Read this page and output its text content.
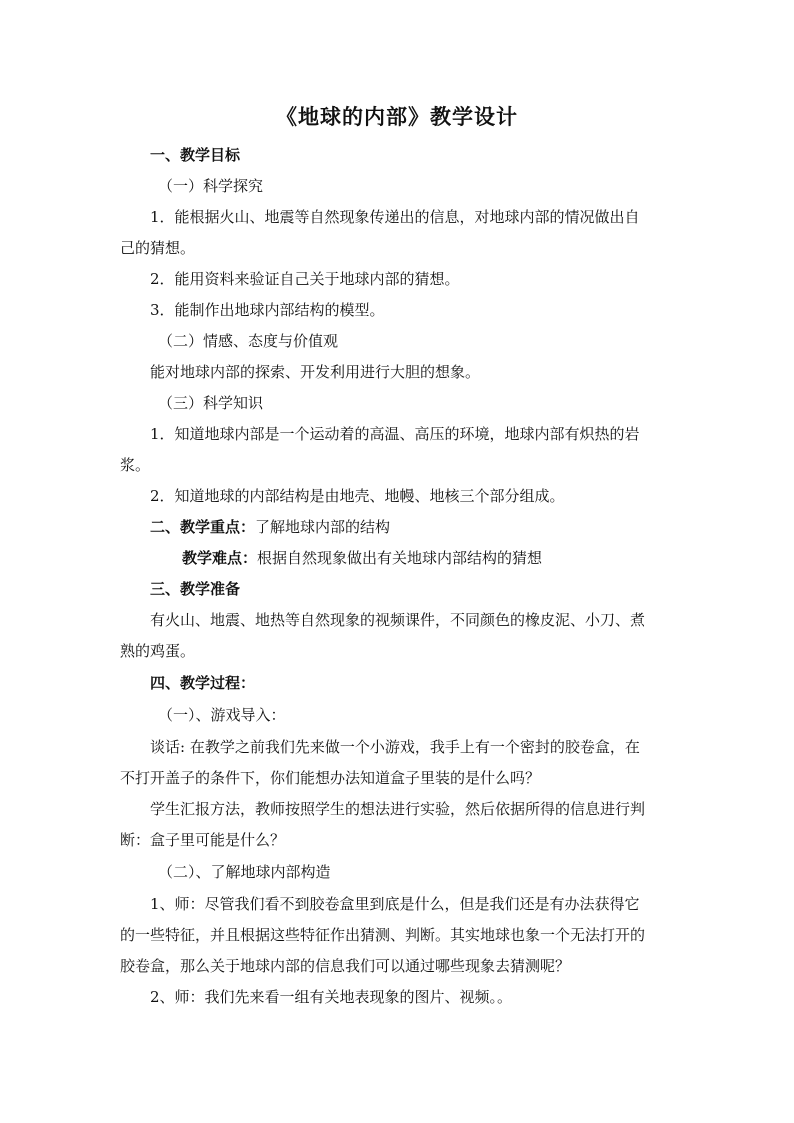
《地球的内部》教学设计
一、教学目标
（一）科学探究
1．能根据火山、地震等自然现象传递出的信息，对地球内部的情况做出自
己的猜想。
2．能用资料来验证自己关于地球内部的猜想。
3．能制作出地球内部结构的模型。
（二）情感、态度与价值观
能对地球内部的探索、开发利用进行大胆的想象。
（三）科学知识
1．知道地球内部是一个运动着的高温、高压的环境，地球内部有炽热的岩
浆。
2．知道地球的内部结构是由地壳、地幔、地核三个部分组成。
二、教学重点：了解地球内部的结构
教学难点：根据自然现象做出有关地球内部结构的猜想
三、教学准备
有火山、地震、地热等自然现象的视频课件，不同颜色的橡皮泥、小刀、煮
熟的鸡蛋。
四、教学过程：
（一）、游戏导入：
谈话: 在教学之前我们先来做一个小游戏，我手上有一个密封的胶卷盒，在
不打开盖子的条件下，你们能想办法知道盒子里装的是什么吗？
学生汇报方法，教师按照学生的想法进行实验，然后依据所得的信息进行判
断：盒子里可能是什么？
（二）、了解地球内部构造
1、师：尽管我们看不到胶卷盒里到底是什么，但是我们还是有办法获得它
的一些特征，并且根据这些特征作出猜测、判断。其实地球也象一个无法打开的
胶卷盒，那么关于地球内部的信息我们可以通过哪些现象去猜测呢？
2、师：我们先来看一组有关地表现象的图片、视频。。
